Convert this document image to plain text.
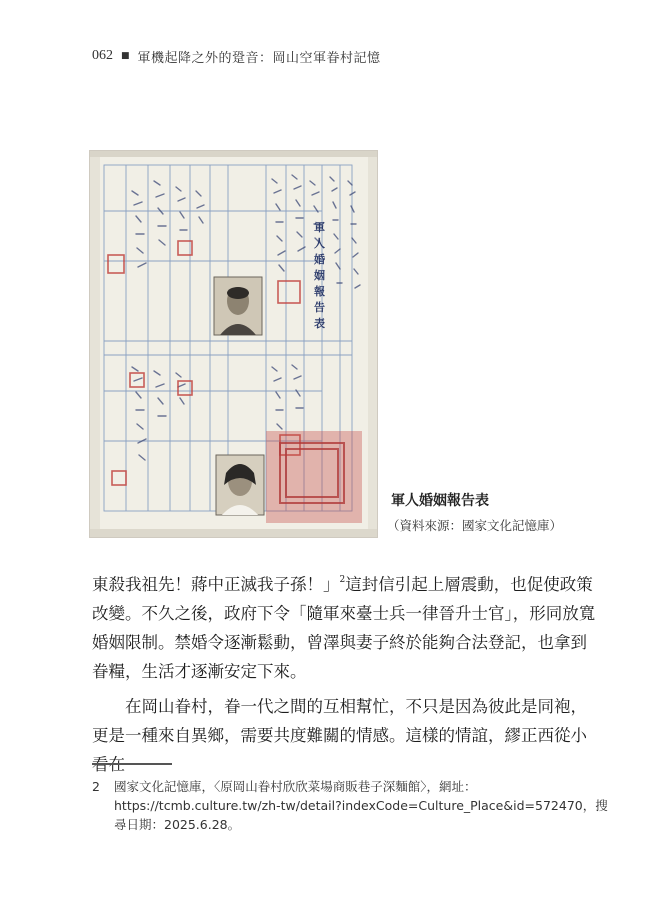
062 ■ 軍機起降之外的跫音：岡山空軍眷村記憶
軍
人
婚
姻
報
告
表
軍人婚姻報告表
（資料來源：國家文化記憶庫）

東殺我祖先！蔣中正滅我子孫！」$^2$這封信引起上層震動，也促使政策改變。不久之後，政府下令「隨軍來臺士兵一律晉升士官」，形同放寬婚姻限制。禁婚令逐漸鬆動，曾澤與妻子終於能夠合法登記，也拿到眷糧，生活才逐漸安定下來。

在岡山眷村，眷一代之間的互相幫忙，不只是因為彼此是同袍，更是一種來自異鄉，需要共度難關的情感。這樣的情誼，繆正西從小

2 國家文化記憶庫，〈原岡山眷村欣欣菜場商販巷子深麵館〉，網址：https://tcmb.culture.tw/zh-tw/detail?indexCode=Culture_Place&id=572470，搜尋日期：2025.6.28。
